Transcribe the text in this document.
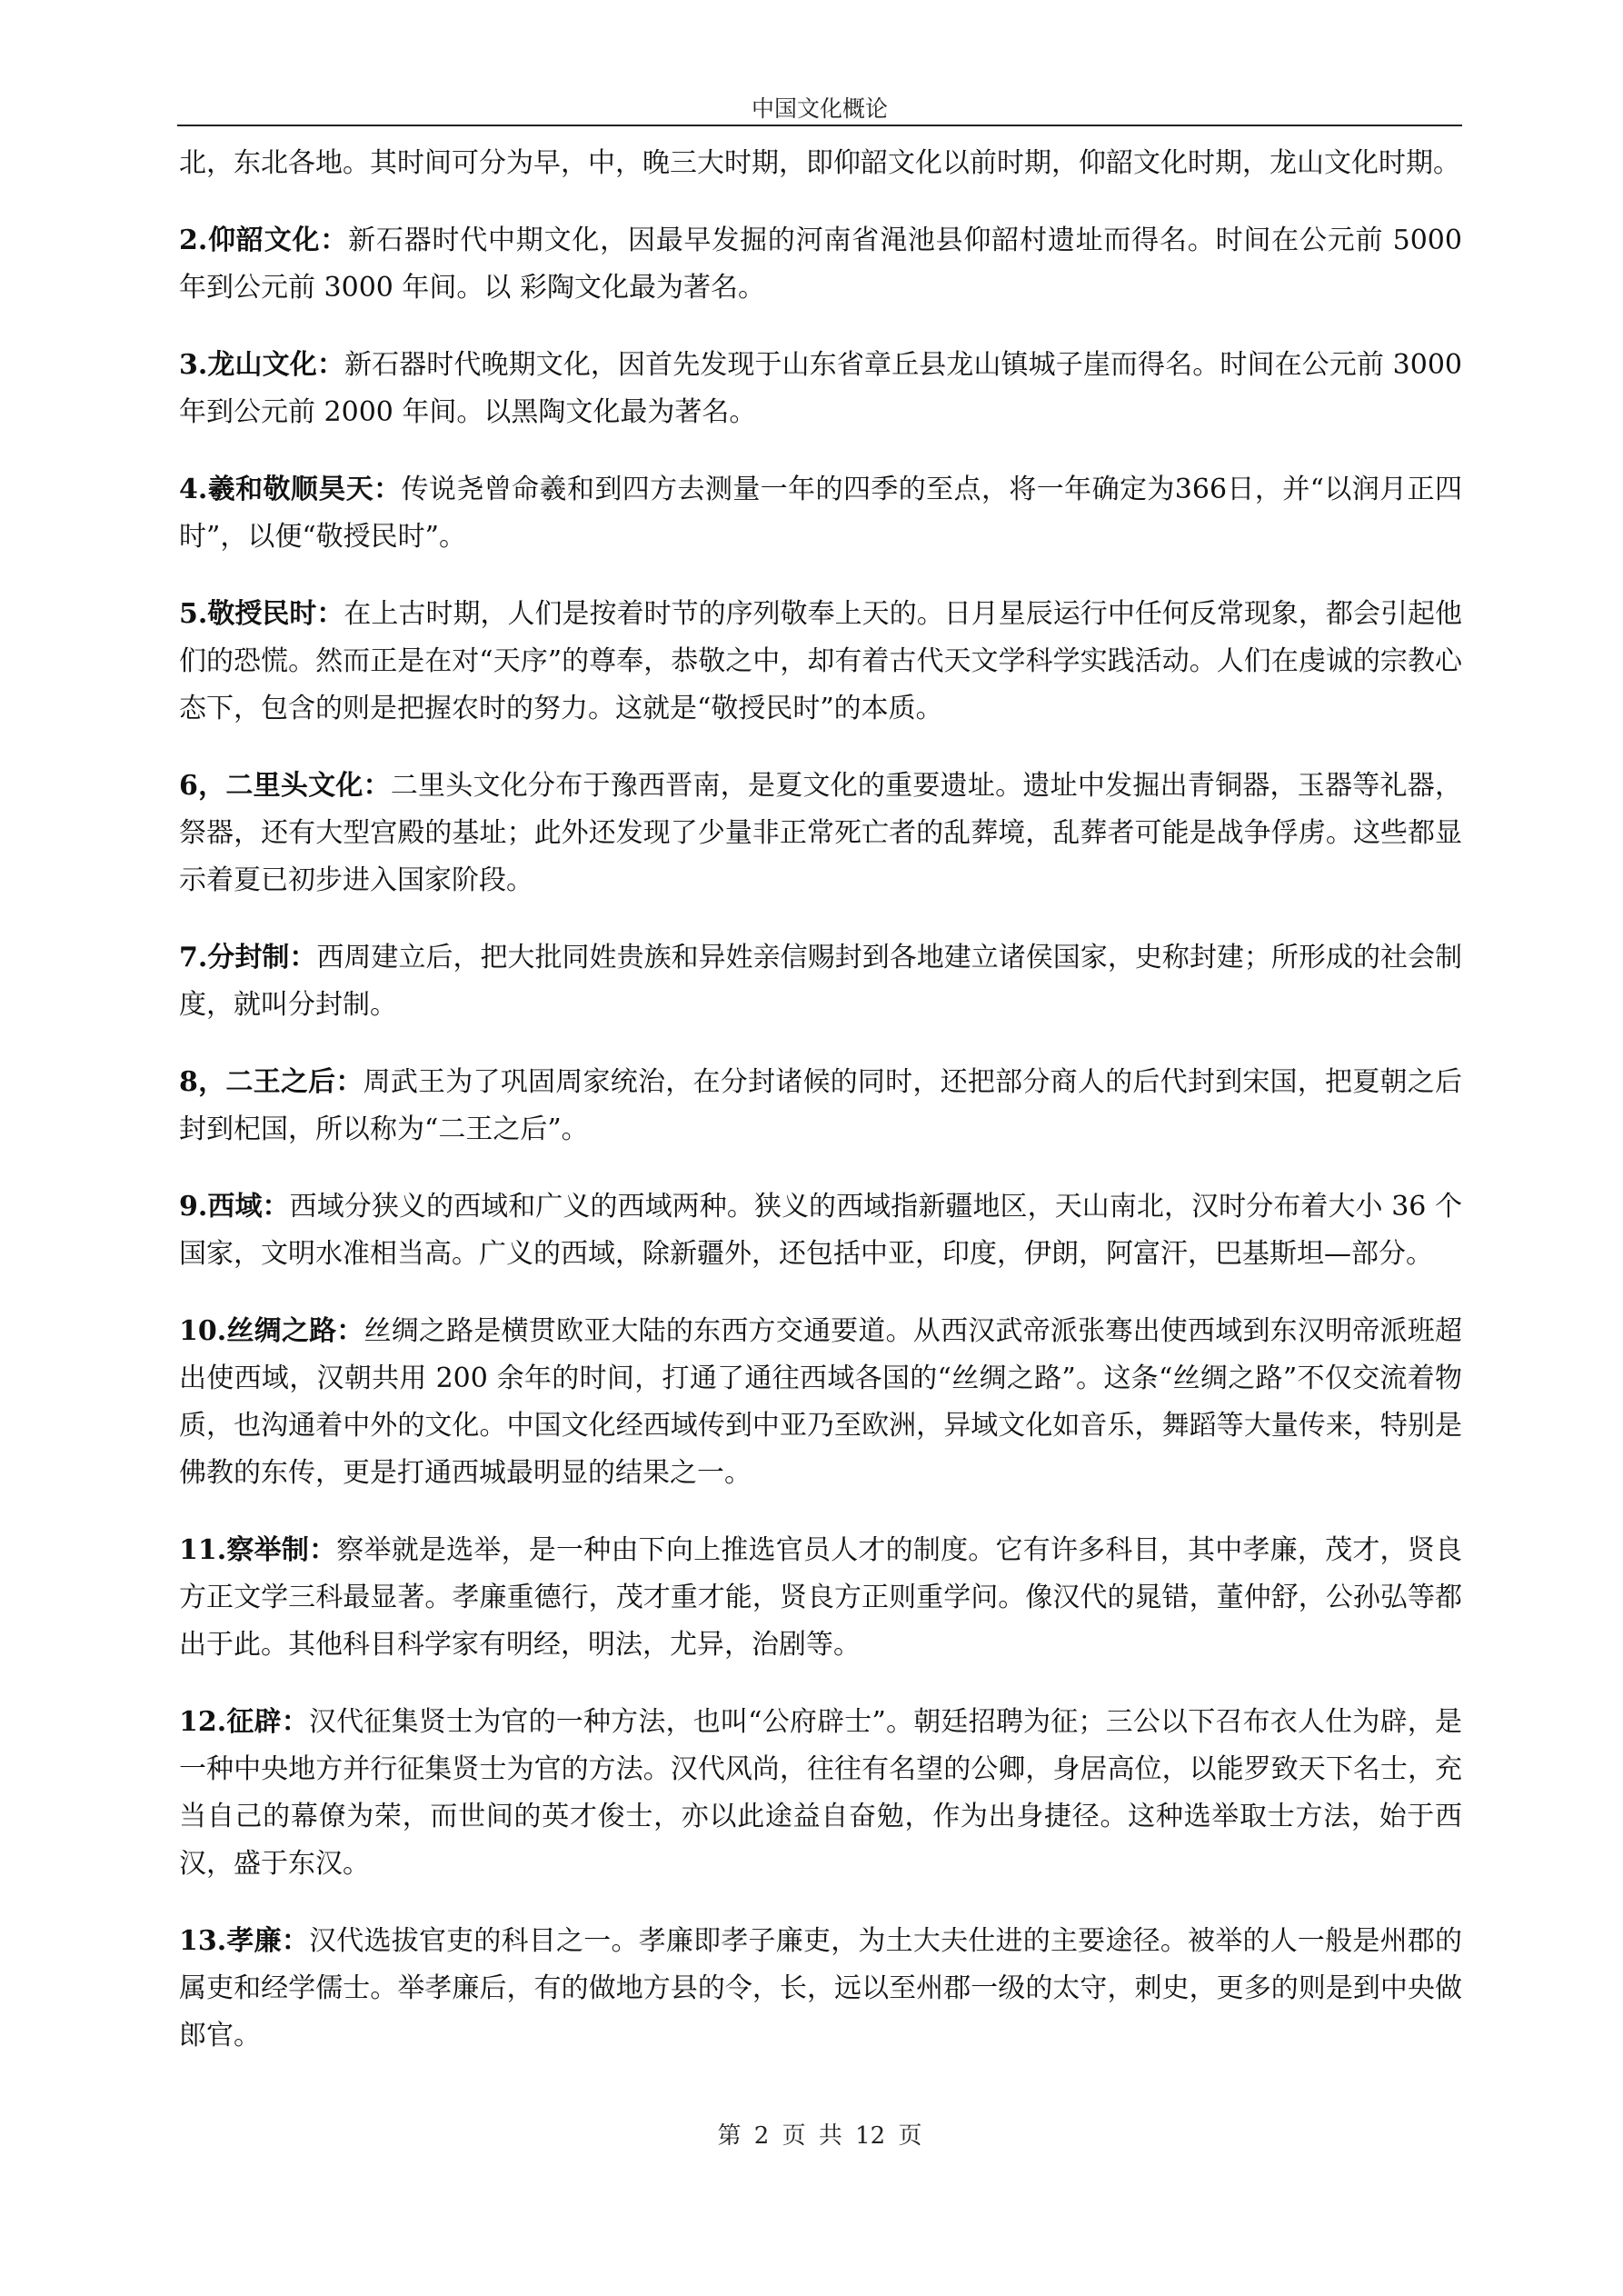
中国文化概论

北，东北各地。其时间可分为早，中，晚三大时期，即仰韶文化以前时期，仰韶文化时期，龙山文化时期。

2.仰韶文化：新石器时代中期文化，因最早发掘的河南省渑池县仰韶村遗址而得名。时间在公元前 5000 年到公元前 3000 年间。以 彩陶文化最为著名。

3.龙山文化：新石器时代晚期文化，因首先发现于山东省章丘县龙山镇城子崖而得名。时间在公元前 3000 年到公元前 2000 年间。以黑陶文化最为著名。

4.羲和敬顺昊天：传说尧曾命羲和到四方去测量一年的四季的至点，将一年确定为366日，并“以润月正四时”，以便“敬授民时”。

5.敬授民时：在上古时期，人们是按着时节的序列敬奉上天的。日月星辰运行中任何反常现象，都会引起他们的恐慌。然而正是在对“天序”的尊奉，恭敬之中，却有着古代天文学科学实践活动。人们在虔诚的宗教心态下，包含的则是把握农时的努力。这就是“敬授民时”的本质。

6，二里头文化：二里头文化分布于豫西晋南，是夏文化的重要遗址。遗址中发掘出青铜器，玉器等礼器，祭器，还有大型宫殿的基址；此外还发现了少量非正常死亡者的乱葬境，乱葬者可能是战争俘虏。这些都显示着夏已初步进入国家阶段。

7.分封制：西周建立后，把大批同姓贵族和异姓亲信赐封到各地建立诸侯国家，史称封建；所形成的社会制度，就叫分封制。

8，二王之后：周武王为了巩固周家统治，在分封诸候的同时，还把部分商人的后代封到宋国，把夏朝之后封到杞国，所以称为“二王之后”。

9.西域：西域分狭义的西域和广义的西域两种。狭义的西域指新疆地区，天山南北，汉时分布着大小 36 个国家，文明水准相当高。广义的西域，除新疆外，还包括中亚，印度，伊朗，阿富汗，巴基斯坦—部分。

10.丝绸之路：丝绸之路是横贯欧亚大陆的东西方交通要道。从西汉武帝派张骞出使西域到东汉明帝派班超出使西域，汉朝共用 200 余年的时间，打通了通往西域各国的“丝绸之路”。这条“丝绸之路”不仅交流着物质，也沟通着中外的文化。中国文化经西域传到中亚乃至欧洲，异域文化如音乐，舞蹈等大量传来，特别是佛教的东传，更是打通西城最明显的结果之一。

11.察举制：察举就是选举，是一种由下向上推选官员人才的制度。它有许多科目，其中孝廉，茂才，贤良方正文学三科最显著。孝廉重德行，茂才重才能，贤良方正则重学问。像汉代的晁错，董仲舒，公孙弘等都出于此。其他科目科学家有明经，明法，尤异，治剧等。

12.征辟：汉代征集贤士为官的一种方法，也叫“公府辟士”。朝廷招聘为征；三公以下召布衣人仕为辟，是一种中央地方并行征集贤士为官的方法。汉代风尚，往往有名望的公卿，身居高位，以能罗致天下名士，充当自己的幕僚为荣，而世间的英才俊士，亦以此途益自奋勉，作为出身捷径。这种选举取士方法，始于西汉，盛于东汉。

13.孝廉：汉代选拔官吏的科目之一。孝廉即孝子廉吏，为土大夫仕进的主要途径。被举的人一般是州郡的属吏和经学儒士。举孝廉后，有的做地方县的令，长，远以至州郡一级的太守，刺史，更多的则是到中央做郎官。

第 2 页 共 12 页
